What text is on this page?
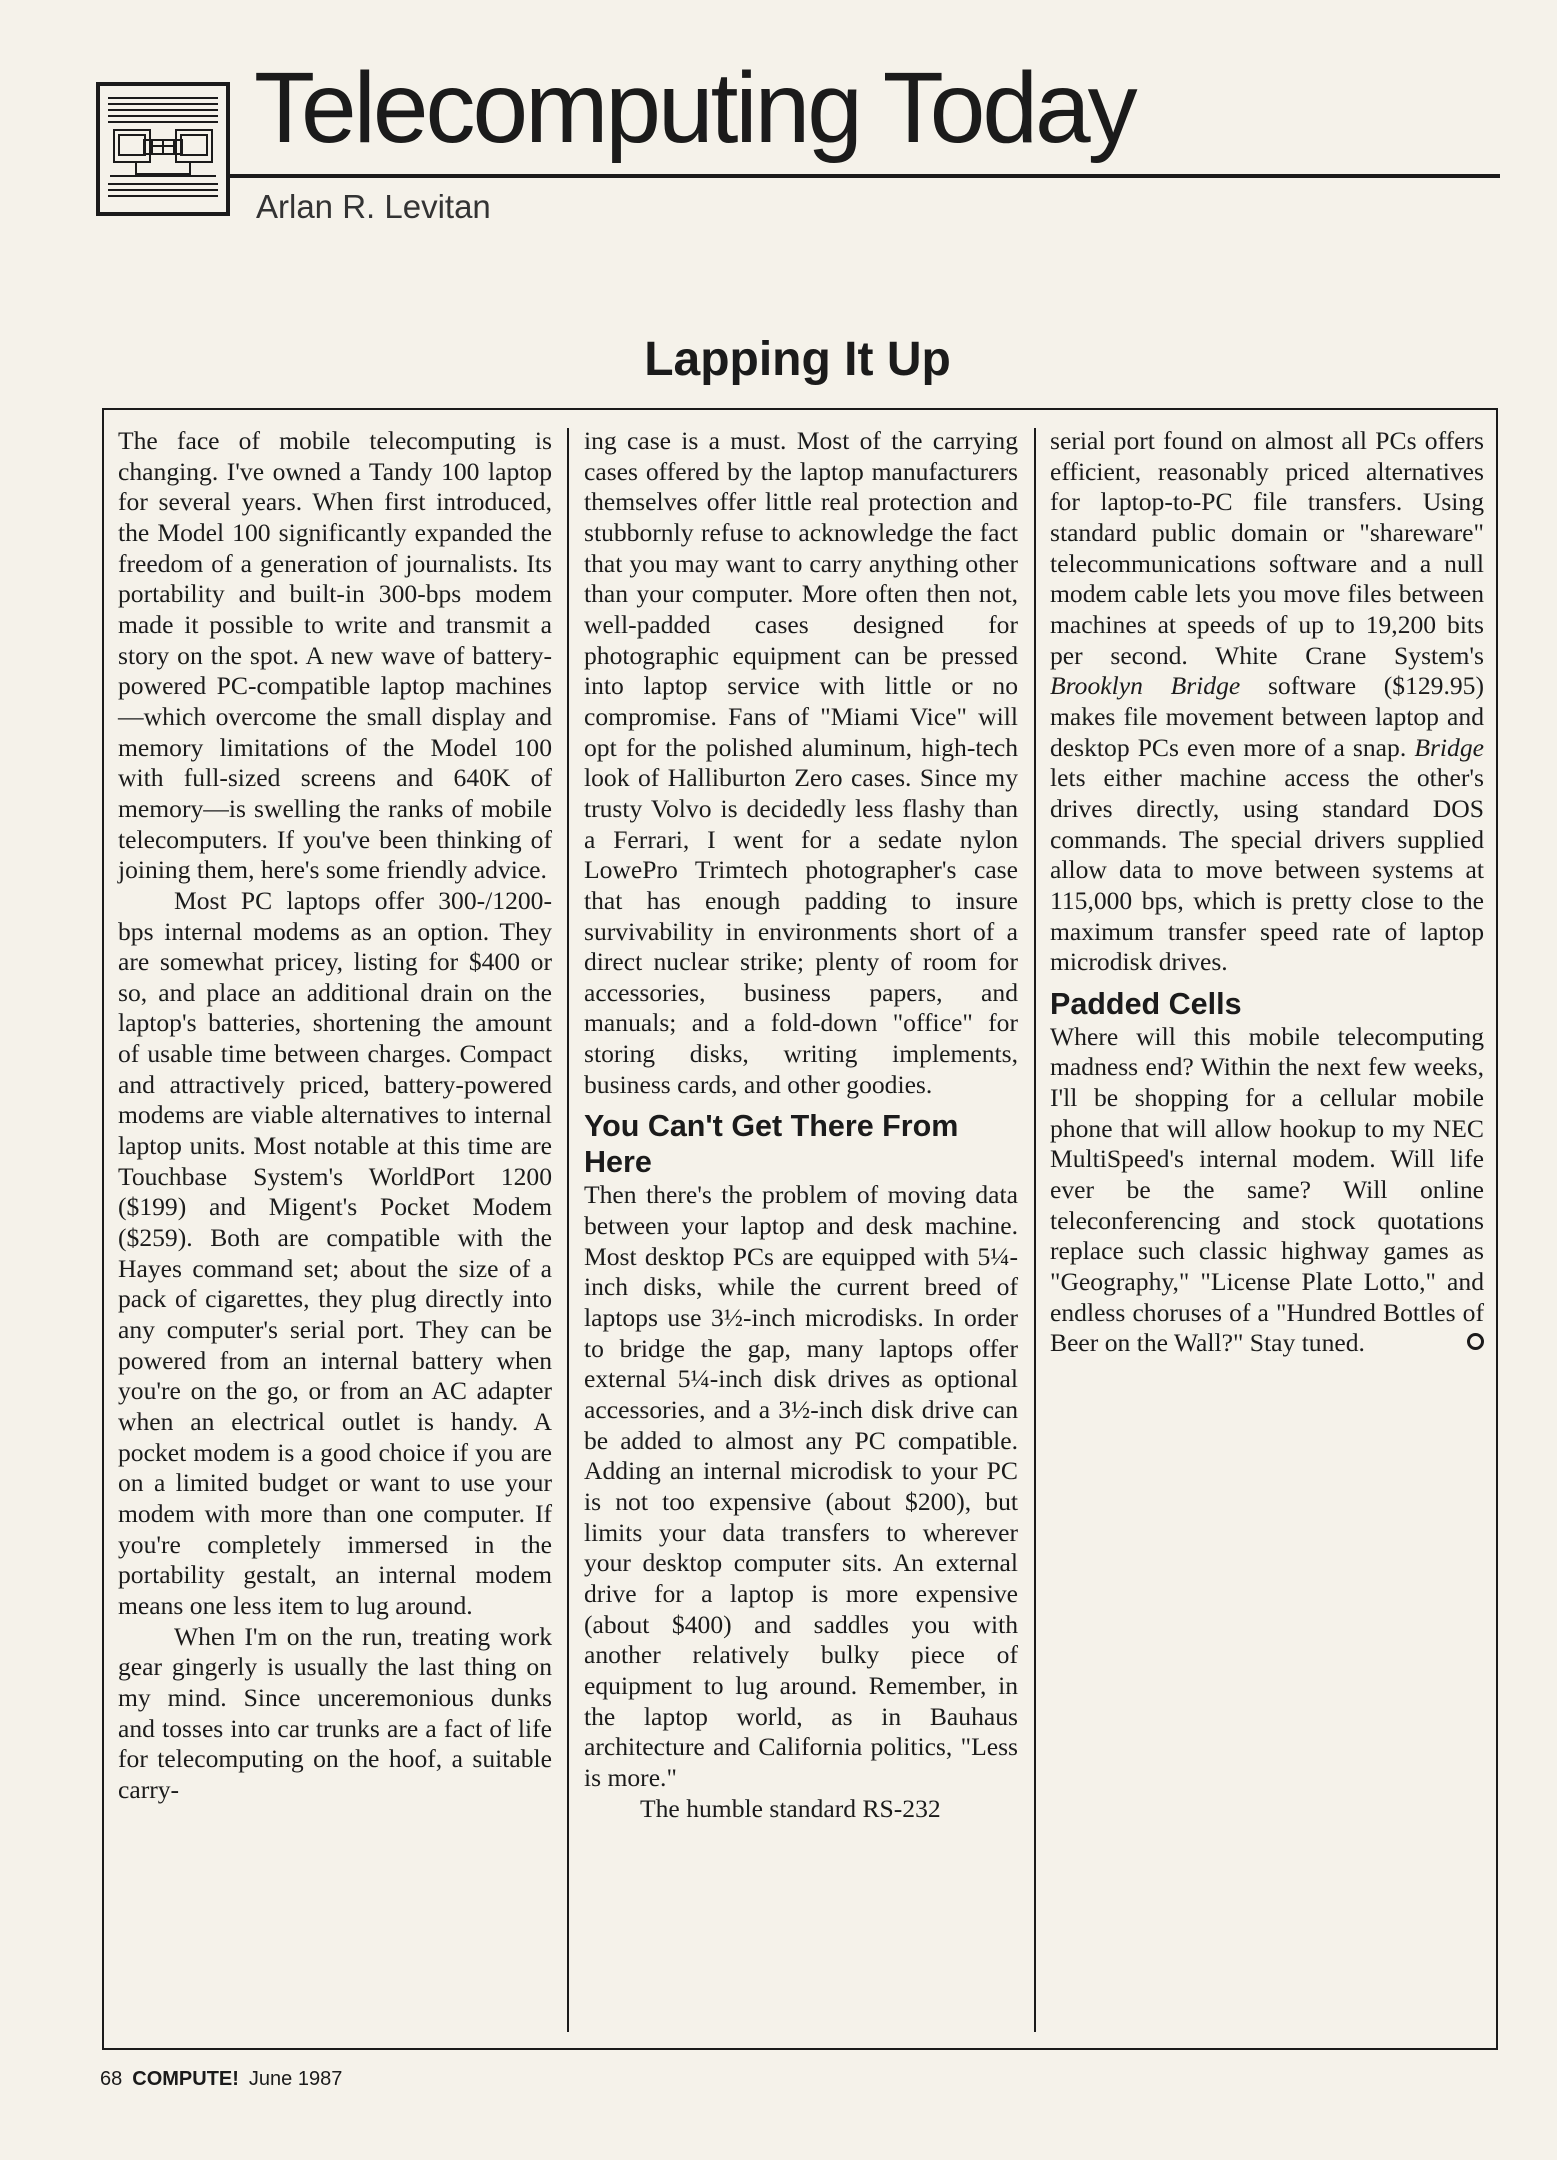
Telecomputing Today
Arlan R. Levitan
Lapping It Up

The face of mobile telecomputing is changing. I've owned a Tandy 100 laptop for several years. When first introduced, the Model 100 significantly expanded the freedom of a generation of journalists. Its portability and built-in 300-bps modem made it possible to write and transmit a story on the spot. A new wave of battery-powered PC-compatible laptop machines—which overcome the small display and memory limitations of the Model 100 with full-sized screens and 640K of memory—is swelling the ranks of mobile telecomputers. If you've been thinking of joining them, here's some friendly advice.

Most PC laptops offer 300-/1200-bps internal modems as an option. They are somewhat pricey, listing for $400 or so, and place an additional drain on the laptop's batteries, shortening the amount of usable time between charges. Compact and attractively priced, battery-powered modems are viable alternatives to internal laptop units. Most notable at this time are Touchbase System's WorldPort 1200 ($199) and Migent's Pocket Modem ($259). Both are compatible with the Hayes command set; about the size of a pack of cigarettes, they plug directly into any computer's serial port. They can be powered from an internal battery when you're on the go, or from an AC adapter when an electrical outlet is handy. A pocket modem is a good choice if you are on a limited budget or want to use your modem with more than one computer. If you're completely immersed in the portability gestalt, an internal modem means one less item to lug around.

When I'm on the run, treating work gear gingerly is usually the last thing on my mind. Since unceremonious dunks and tosses into car trunks are a fact of life for telecomputing on the hoof, a suitable carry-

ing case is a must. Most of the carrying cases offered by the laptop manufacturers themselves offer little real protection and stubbornly refuse to acknowledge the fact that you may want to carry anything other than your computer. More often then not, well-padded cases designed for photographic equipment can be pressed into laptop service with little or no compromise. Fans of "Miami Vice" will opt for the polished aluminum, high-tech look of Halliburton Zero cases. Since my trusty Volvo is decidedly less flashy than a Ferrari, I went for a sedate nylon LowePro Trimtech photographer's case that has enough padding to insure survivability in environments short of a direct nuclear strike; plenty of room for accessories, business papers, and manuals; and a fold-down "office" for storing disks, writing implements, business cards, and other goodies.

You Can't Get There From Here

Then there's the problem of moving data between your laptop and desk machine. Most desktop PCs are equipped with 5¼-inch disks, while the current breed of laptops use 3½-inch microdisks. In order to bridge the gap, many laptops offer external 5¼-inch disk drives as optional accessories, and a 3½-inch disk drive can be added to almost any PC compatible. Adding an internal microdisk to your PC is not too expensive (about $200), but limits your data transfers to wherever your desktop computer sits. An external drive for a laptop is more expensive (about $400) and saddles you with another relatively bulky piece of equipment to lug around. Remember, in the laptop world, as in Bauhaus architecture and California politics, "Less is more."

The humble standard RS-232

serial port found on almost all PCs offers efficient, reasonably priced alternatives for laptop-to-PC file transfers. Using standard public domain or "shareware" telecommunications software and a null modem cable lets you move files between machines at speeds of up to 19,200 bits per second. White Crane System's Brooklyn Bridge software ($129.95) makes file movement between laptop and desktop PCs even more of a snap. Bridge lets either machine access the other's drives directly, using standard DOS commands. The special drivers supplied allow data to move between systems at 115,000 bps, which is pretty close to the maximum transfer speed rate of laptop microdisk drives.

Padded Cells

Where will this mobile telecomputing madness end? Within the next few weeks, I'll be shopping for a cellular mobile phone that will allow hookup to my NEC MultiSpeed's internal modem. Will life ever be the same? Will online teleconferencing and stock quotations replace such classic highway games as "Geography," "License Plate Lotto," and endless choruses of a "Hundred Bottles of Beer on the Wall?" Stay tuned.

68 COMPUTE! June 1987
